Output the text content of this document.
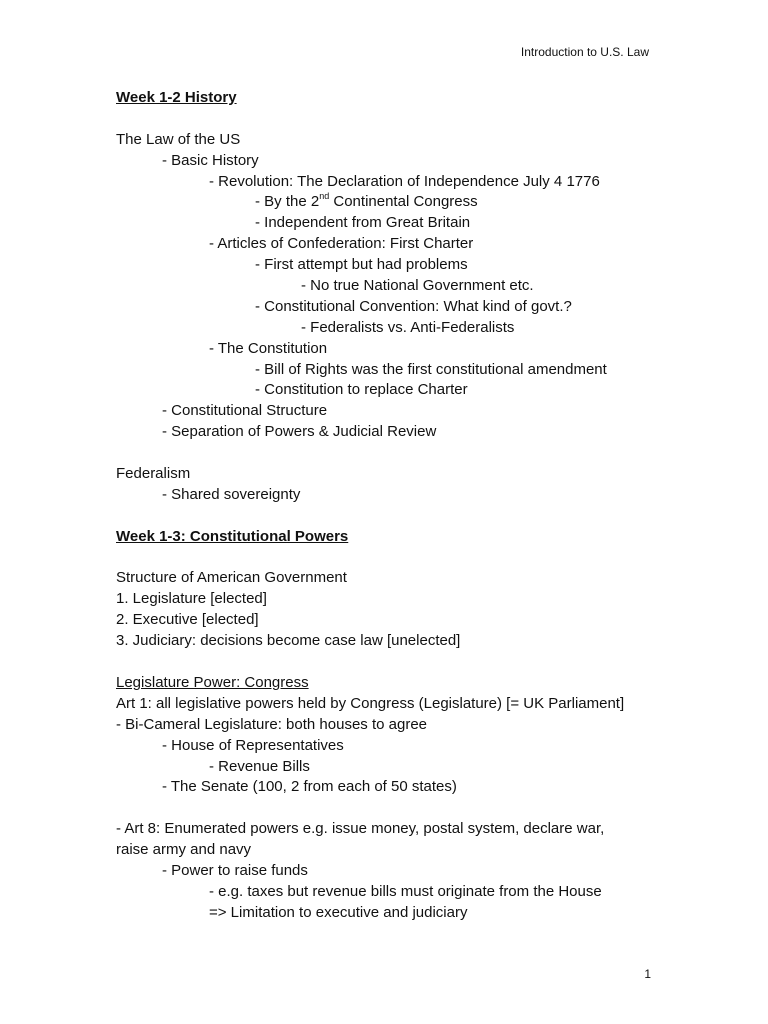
Introduction to U.S. Law
Week 1-2 History
The Law of the US
- Basic History
- Revolution: The Declaration of Independence July 4 1776
- By the 2nd Continental Congress
- Independent from Great Britain
- Articles of Confederation: First Charter
- First attempt but had problems
- No true National Government etc.
- Constitutional Convention: What kind of govt.?
- Federalists vs. Anti-Federalists
- The Constitution
- Bill of Rights was the first constitutional amendment
- Constitution to replace Charter
- Constitutional Structure
- Separation of Powers & Judicial Review
Federalism
- Shared sovereignty
Week 1-3: Constitutional Powers
Structure of American Government
1. Legislature [elected]
2. Executive [elected]
3. Judiciary: decisions become case law [unelected]
Legislature Power: Congress
Art 1: all legislative powers held by Congress (Legislature) [= UK Parliament]
- Bi-Cameral Legislature: both houses to agree
- House of Representatives
- Revenue Bills
- The Senate (100, 2 from each of 50 states)
- Art 8: Enumerated powers e.g. issue money, postal system, declare war,
raise army and navy
- Power to raise funds
- e.g. taxes but revenue bills must originate from the House
=> Limitation to executive and judiciary
1
